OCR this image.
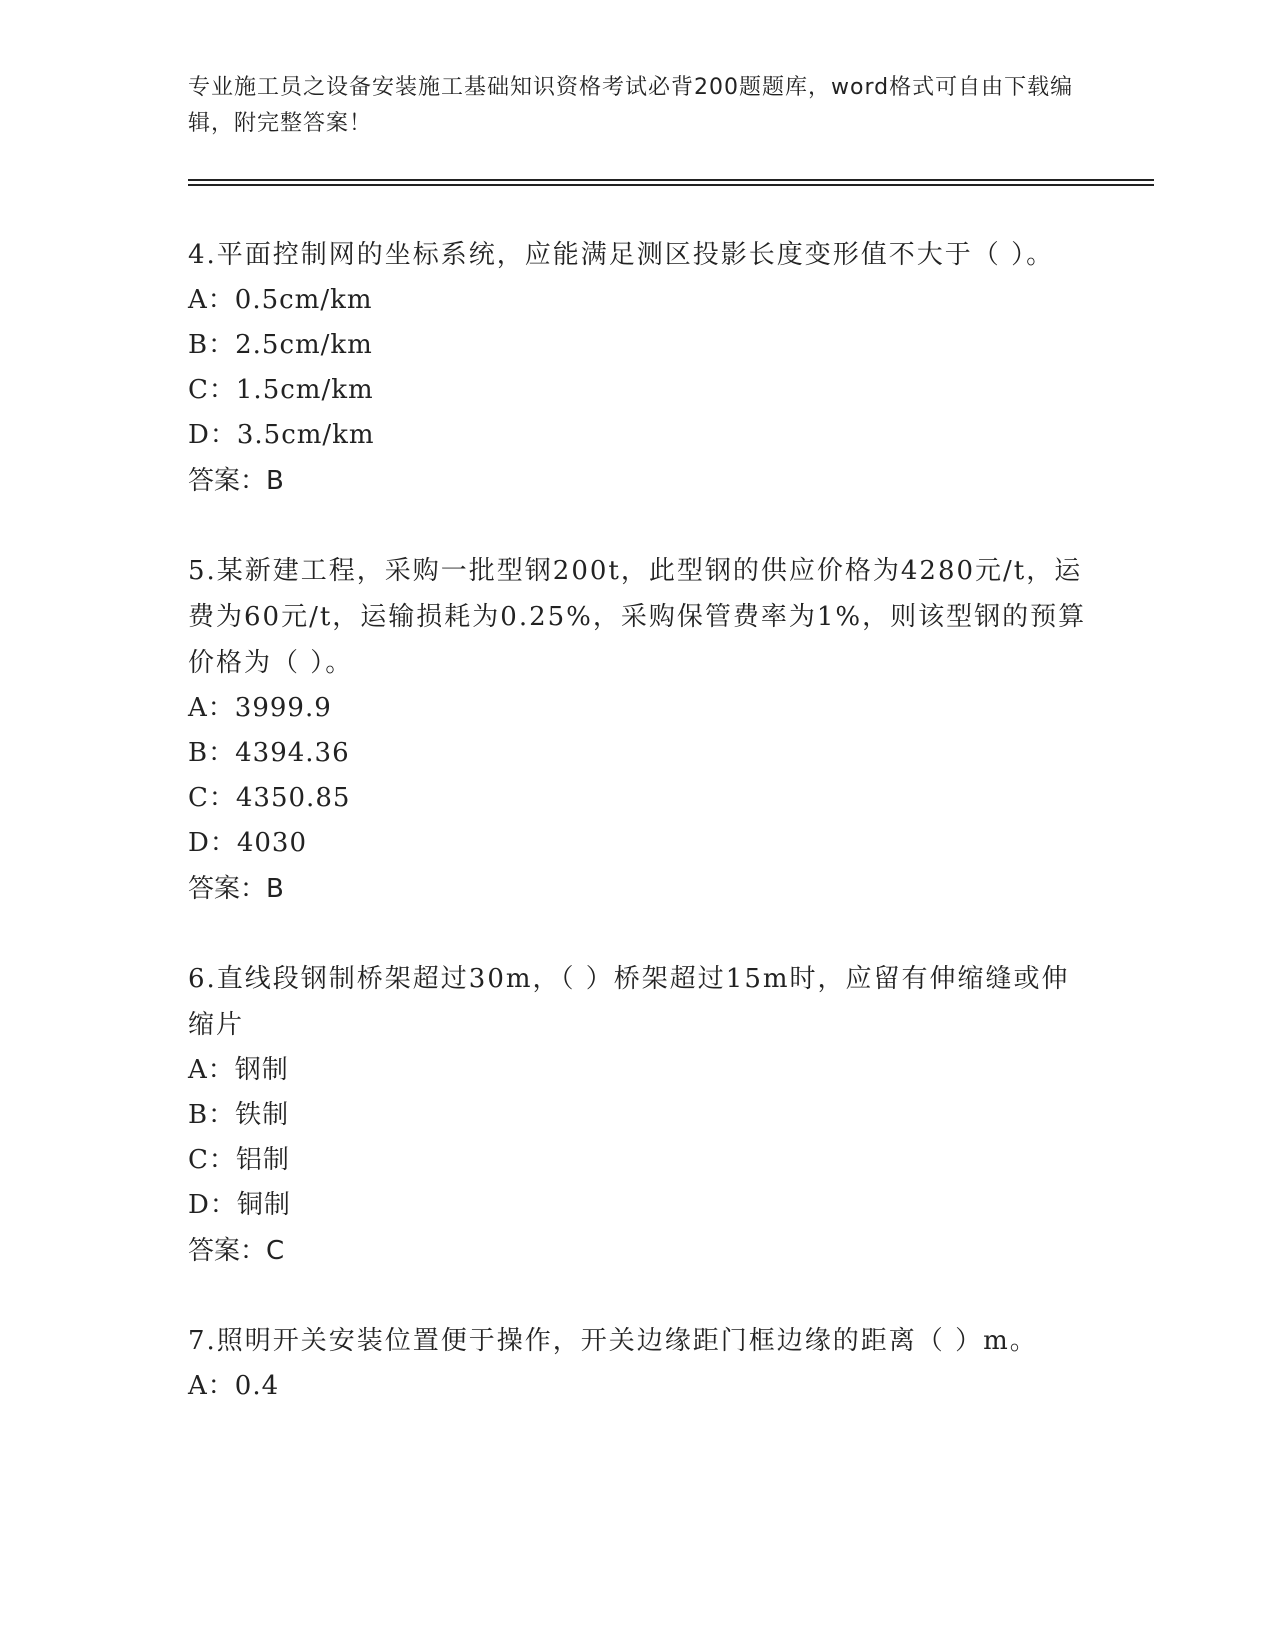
专业施工员之设备安装施工基础知识资格考试必背200题题库，word格式可自由下载编辑，附完整答案！

4.平面控制网的坐标系统，应能满足测区投影长度变形值不大于（ ）。

A：0.5cm/km

B：2.5cm/km

C：1.5cm/km

D：3.5cm/km

答案：B

5.某新建工程，采购一批型钢200t，此型钢的供应价格为4280元/t，运费为60元/t，运输损耗为0.25%，采购保管费率为1%，则该型钢的预算价格为（ ）。

A：3999.9

B：4394.36

C：4350.85

D：4030

答案：B

6.直线段钢制桥架超过30m，（ ）桥架超过15m时，应留有伸缩缝或伸缩片

A：钢制

B：铁制

C：铝制

D：铜制

答案：C

7.照明开关安装位置便于操作，开关边缘距门框边缘的距离（ ）m。

A：0.4
